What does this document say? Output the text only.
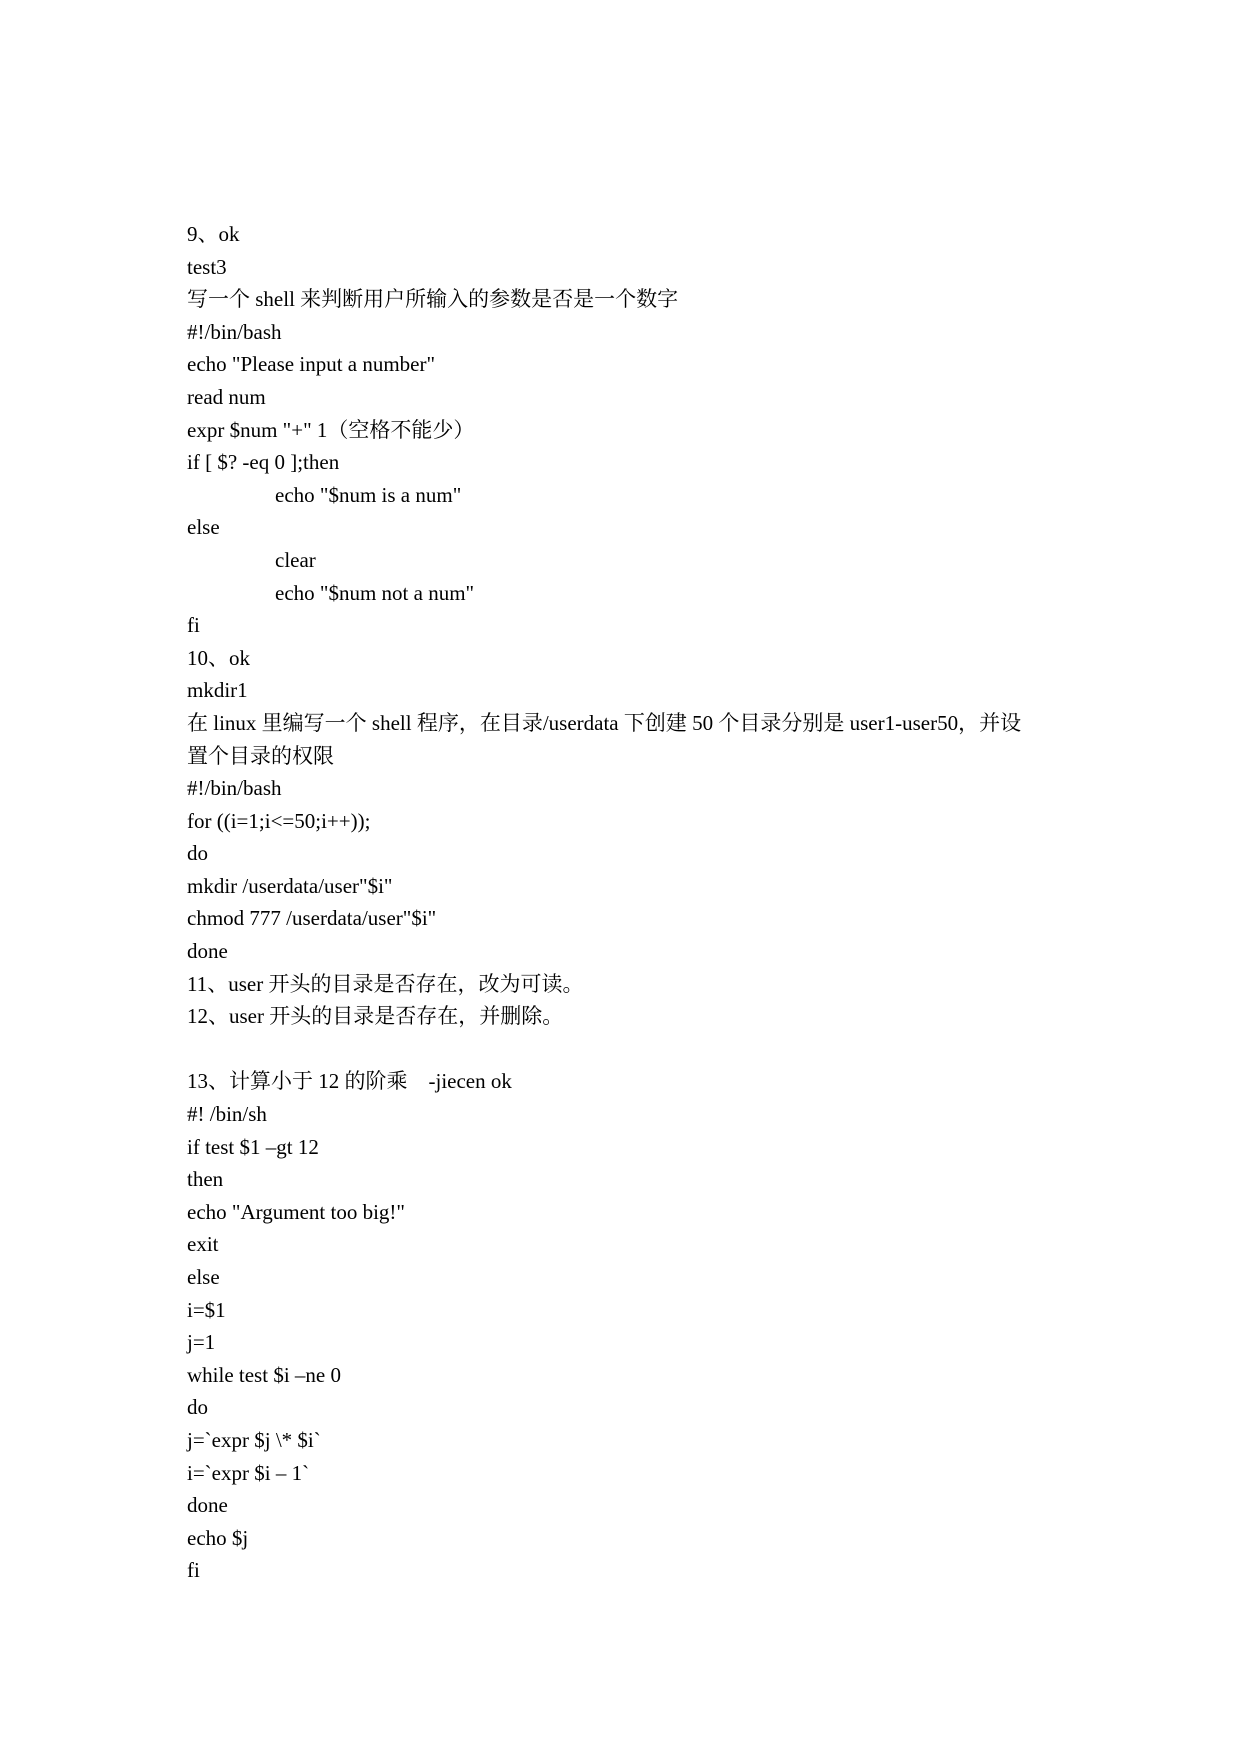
9、ok
test3
写一个 shell 来判断用户所输入的参数是否是一个数字
#!/bin/bash
echo "Please input a number"
read num
expr $num "+" 1（空格不能少）
if [ $? -eq 0 ];then
echo "$num is a num"
else
clear
echo "$num not a num"
fi
10、ok
mkdir1
在 linux 里编写一个 shell 程序，在目录/userdata 下创建 50 个目录分别是 user1-user50，并设
置个目录的权限
#!/bin/bash
for ((i=1;i<=50;i++));
do
mkdir /userdata/user"$i"
chmod 777 /userdata/user"$i"
done
11、user 开头的目录是否存在，改为可读。
12、user 开头的目录是否存在，并删除。
13、计算小于 12 的阶乘    -jiecen ok
#! /bin/sh
if test $1 –gt 12
then
echo "Argument too big!"
exit
else
i=$1
j=1
while test $i –ne 0
do
j=`expr $j \* $i`
i=`expr $i – 1`
done
echo $j
fi
